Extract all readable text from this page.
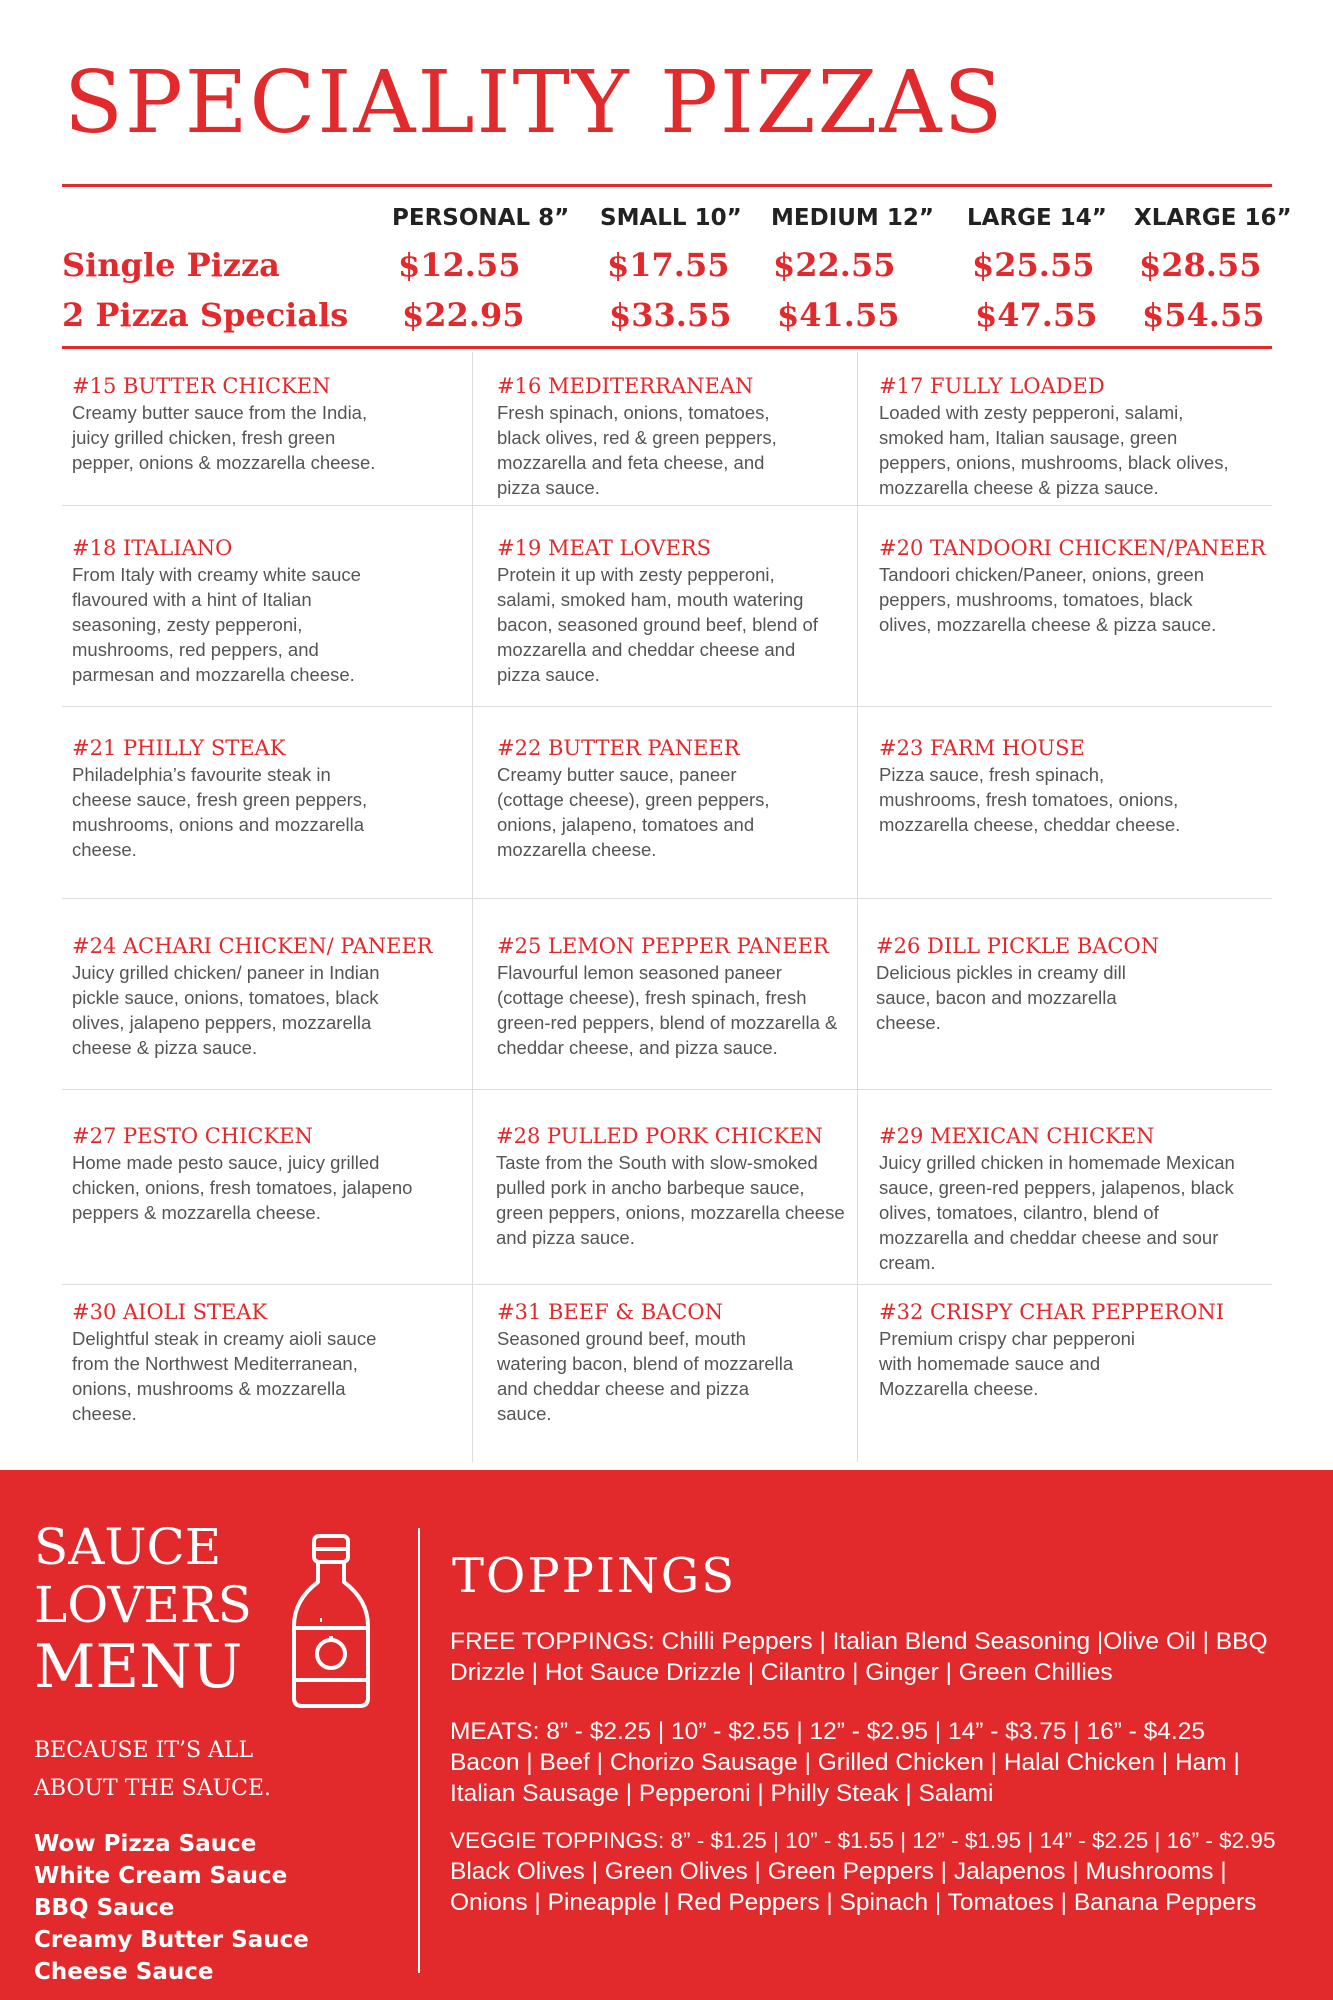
SPECIALITY PIZZAS
PERSONAL 8” SMALL 10” MEDIUM 12” LARGE 14” XLARGE 16”
Single Pizza	$12.55	$17.55 $22.55 $25.55 $28.55
2 Pizza Specials $22.95	$33.55 $41.55 $47.55 $54.55
#15 BUTTER CHICKEN
Creamy butter sauce from the India, juicy grilled chicken, fresh green pepper, onions & mozzarella cheese.
#16 MEDITERRANEAN
Fresh spinach, onions, tomatoes, black olives, red & green peppers, mozzarella and feta cheese, and pizza sauce.
#17 FULLY LOADED
Loaded with zesty pepperoni, salami, smoked ham, Italian sausage, green peppers, onions, mushrooms, black olives, mozzarella cheese & pizza sauce.
#18 ITALIANO
From Italy with creamy white sauce flavoured with a hint of Italian seasoning, zesty pepperoni, mushrooms, red peppers, and parmesan and mozzarella cheese.
#19 MEAT LOVERS
Protein it up with zesty pepperoni, salami, smoked ham, mouth watering bacon, seasoned ground beef, blend of mozzarella and cheddar cheese and pizza sauce.
#20 TANDOORI CHICKEN/PANEER
Tandoori chicken/Paneer, onions, green peppers, mushrooms, tomatoes, black olives, mozzarella cheese & pizza sauce.
#21 PHILLY STEAK
Philadelphia’s favourite steak in cheese sauce, fresh green peppers, mushrooms, onions and mozzarella cheese.
#22 BUTTER PANEER
Creamy butter sauce, paneer (cottage cheese), green peppers, onions, jalapeno, tomatoes and mozzarella cheese.
#23 FARM HOUSE
Pizza sauce, fresh spinach, mushrooms, fresh tomatoes, onions, mozzarella cheese, cheddar cheese.
#24 ACHARI CHICKEN/ PANEER
Juicy grilled chicken/ paneer in Indian pickle sauce, onions, tomatoes, black olives, jalapeno peppers, mozzarella cheese & pizza sauce.
#25 LEMON PEPPER PANEER
Flavourful lemon seasoned paneer (cottage cheese), fresh spinach, fresh green-red peppers, blend of mozzarella & cheddar cheese, and pizza sauce.
#26 DILL PICKLE BACON
Delicious pickles in creamy dill sauce, bacon and mozzarella cheese.
#27 PESTO CHICKEN
Home made pesto sauce, juicy grilled chicken, onions, fresh tomatoes, jalapeno peppers & mozzarella cheese.
#28 PULLED PORK CHICKEN
Taste from the South with slow-smoked pulled pork in ancho barbeque sauce, green peppers, onions, mozzarella cheese and pizza sauce.
#29 MEXICAN CHICKEN
Juicy grilled chicken in homemade Mexican sauce, green-red peppers, jalapenos, black olives, tomatoes, cilantro, blend of mozzarella and cheddar cheese and sour cream.
#30 AIOLI STEAK
Delightful steak in creamy aioli sauce from the Northwest Mediterranean, onions, mushrooms & mozzarella cheese.
#31 BEEF & BACON
Seasoned ground beef, mouth watering bacon, blend of mozzarella and cheddar cheese and pizza sauce.
#32 CRISPY CHAR PEPPERONI
Premium crispy char pepperoni with homemade sauce and Mozzarella cheese.
SAUCE
LOVERS
MENU
BECAUSE IT’S ALL
ABOUT THE SAUCE.
Wow Pizza Sauce
White Cream Sauce
BBQ Sauce
Creamy Butter Sauce
Cheese Sauce
TOPPINGS
FREE TOPPINGS: Chilli Peppers | Italian Blend Seasoning |Olive Oil | BBQ Drizzle | Hot Sauce Drizzle | Cilantro | Ginger | Green Chillies
MEATS: 8” - $2.25 | 10” - $2.55 | 12” - $2.95 | 14” - $3.75 | 16” - $4.25
Bacon | Beef | Chorizo Sausage | Grilled Chicken | Halal Chicken | Ham | Italian Sausage | Pepperoni | Philly Steak | Salami
VEGGIE TOPPINGS: 8” - $1.25 | 10” - $1.55 | 12” - $1.95 | 14” - $2.25 | 16” - $2.95
Black Olives | Green Olives | Green Peppers | Jalapenos | Mushrooms | Onions | Pineapple | Red Peppers | Spinach | Tomatoes | Banana Peppers
